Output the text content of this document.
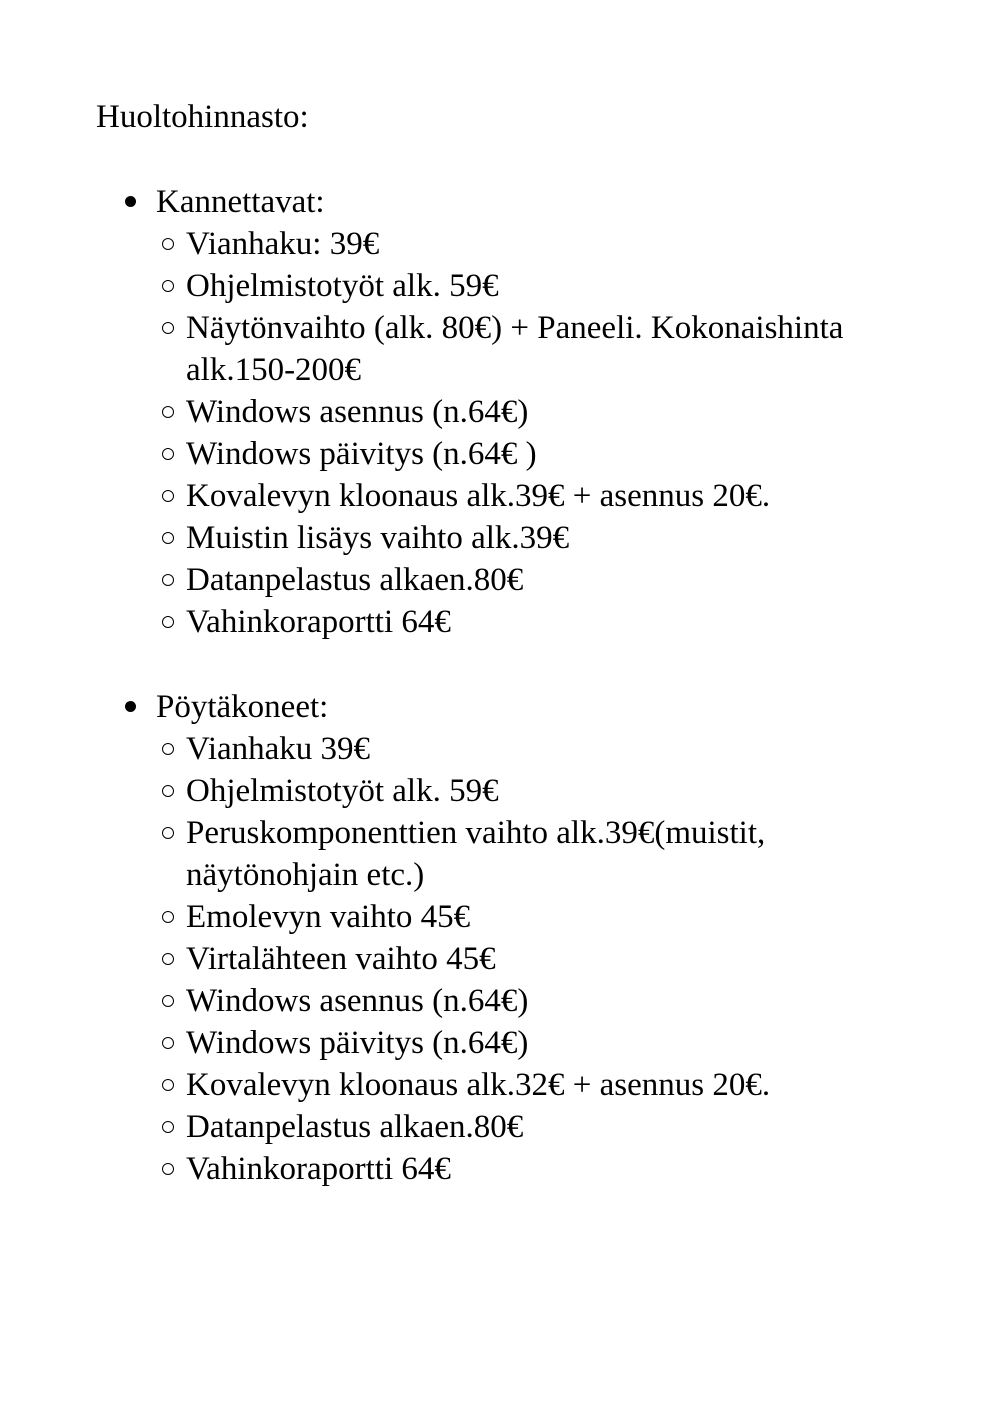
Huoltohinnasto:
Kannettavat:
Vianhaku: 39€
Ohjelmistotyöt alk. 59€
Näytönvaihto (alk. 80€) + Paneeli. Kokonaishinta alk.150-200€
Windows asennus (n.64€)
Windows päivitys (n.64€ )
Kovalevyn kloonaus alk.39€ + asennus 20€.
Muistin lisäys vaihto alk.39€
Datanpelastus alkaen.80€
Vahinkoraportti 64€
Pöytäkoneet:
Vianhaku 39€
Ohjelmistotyöt alk. 59€
Peruskomponenttien vaihto alk.39€(muistit, näytönohjain etc.)
Emolevyn vaihto 45€
Virtalähteen vaihto 45€
Windows asennus (n.64€)
Windows päivitys (n.64€)
Kovalevyn kloonaus alk.32€ + asennus 20€.
Datanpelastus alkaen.80€
Vahinkoraportti 64€
